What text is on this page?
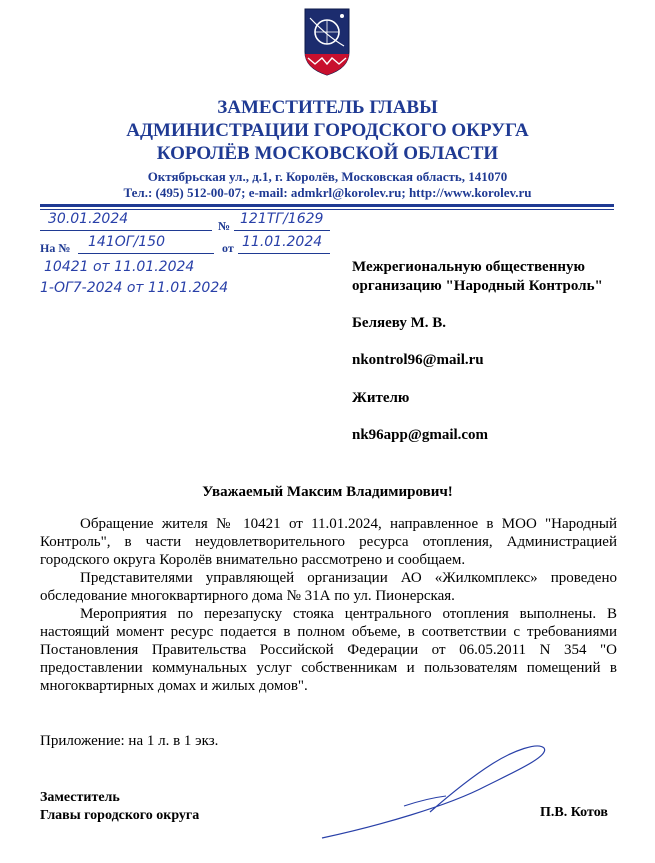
ЗАМЕСТИТЕЛЬ ГЛАВЫ
АДМИНИСТРАЦИИ ГОРОДСКОГО ОКРУГА
КОРОЛЁВ МОСКОВСКОЙ ОБЛАСТИ
Октябрьская ул., д.1, г. Королёв, Московская область, 141070
Тел.: (495) 512-00-07; e-mail: admkrl@korolev.ru; http://www.korolev.ru
30.01.2024	№ 121ТГ/1629
На № 141ОГ/150	от 11.01.2024
10421 от 11.01.2024
1-ОГ7-2024 от 11.01.2024
Межрегиональную общественную
организацию "Народный Контроль"
Беляеву М. В.
nkontrol96@mail.ru
Жителю
nk96app@gmail.com
Уважаемый Максим Владимирович!

Обращение жителя № 10421 от 11.01.2024, направленное в МОО "Народный Контроль", в части неудовлетворительного ресурса отопления, Администрацией городского округа Королёв внимательно рассмотрено и сообщаем.

Представителями управляющей организации АО «Жилкомплекс» проведено обследование многоквартирного дома № 31А по ул. Пионерская.

Мероприятия по перезапуску стояка центрального отопления выполнены. В настоящий момент ресурс подается в полном объеме, в соответствии с требованиями Постановления Правительства Российской Федерации от 06.05.2011 N 354 "О предоставлении коммунальных услуг собственникам и пользователям помещений в многоквартирных домах и жилых домов".

Приложение: на 1 л. в 1 экз.
Заместитель
Главы городского округа	П.В. Котов
